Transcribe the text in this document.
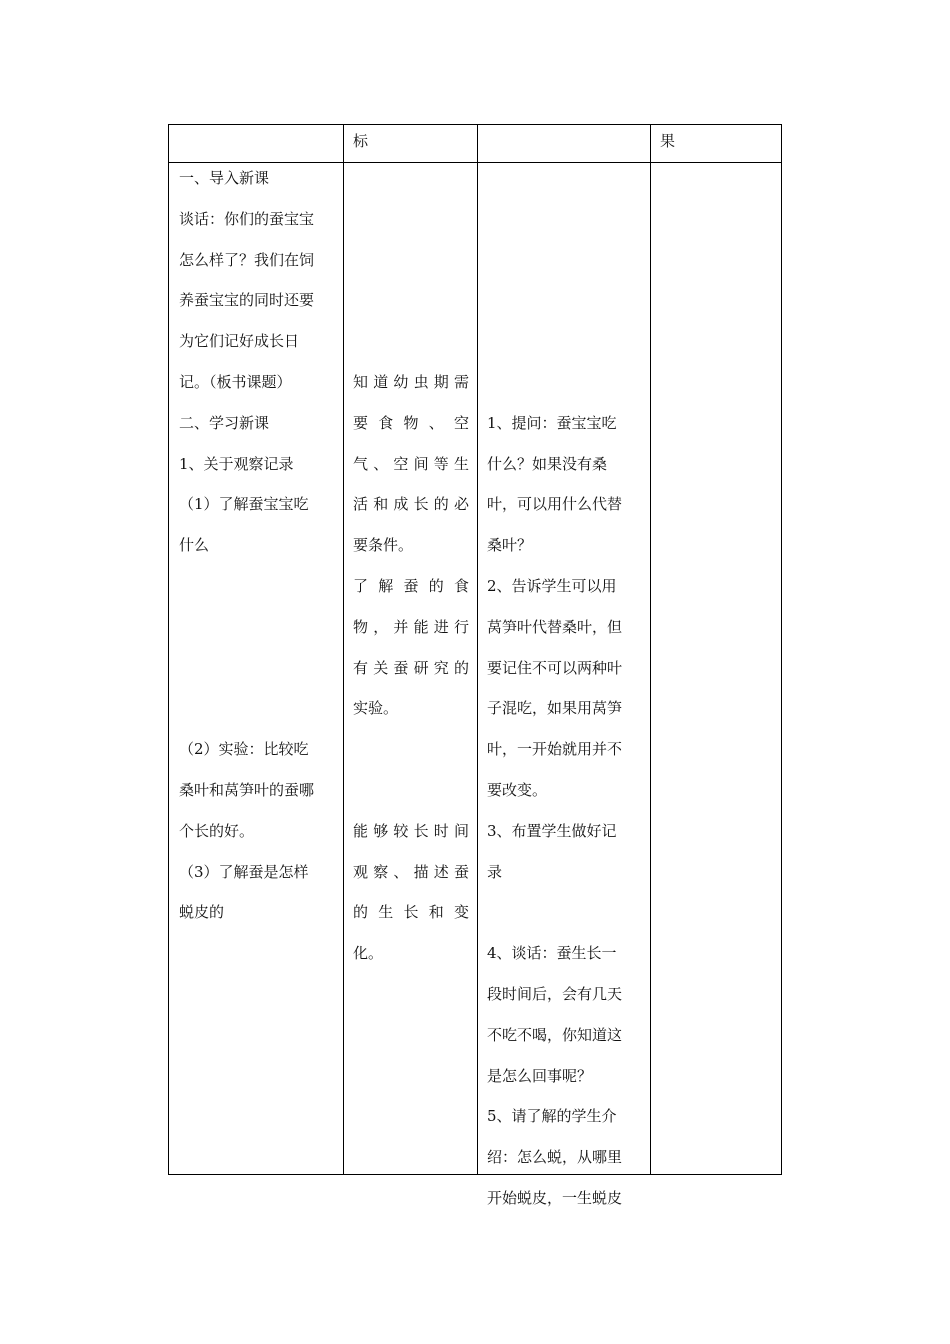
标	果

一、导入新课

谈话：你们的蚕宝宝

怎么样了？我们在饲

养蚕宝宝的同时还要

为它们记好成长日

记。（板书课题）

二、学习新课

1、关于观察记录

（1）了解蚕宝宝吃

什么

（2）实验：比较吃

桑叶和莴笋叶的蚕哪

个长的好。

（3）了解蚕是怎样

蜕皮的

知道幼虫期需

要 食 物 、 空

气、空间等生

活和成长的必

要条件。

了 解 蚕 的 食

物，并能进行

有关蚕研究的

实验。

能够较长时间

观察、描述蚕

的 生 长 和 变

化。

1、提问：蚕宝宝吃

什么？如果没有桑

叶，可以用什么代替

桑叶？

2、告诉学生可以用

莴笋叶代替桑叶，但

要记住不可以两种叶

子混吃，如果用莴笋

叶，一开始就用并不

要改变。

3、布置学生做好记

录

4、谈话：蚕生长一

段时间后，会有几天

不吃不喝，你知道这

是怎么回事呢？

5、请了解的学生介

绍：怎么蜕，从哪里

开始蜕皮，一生蜕皮
